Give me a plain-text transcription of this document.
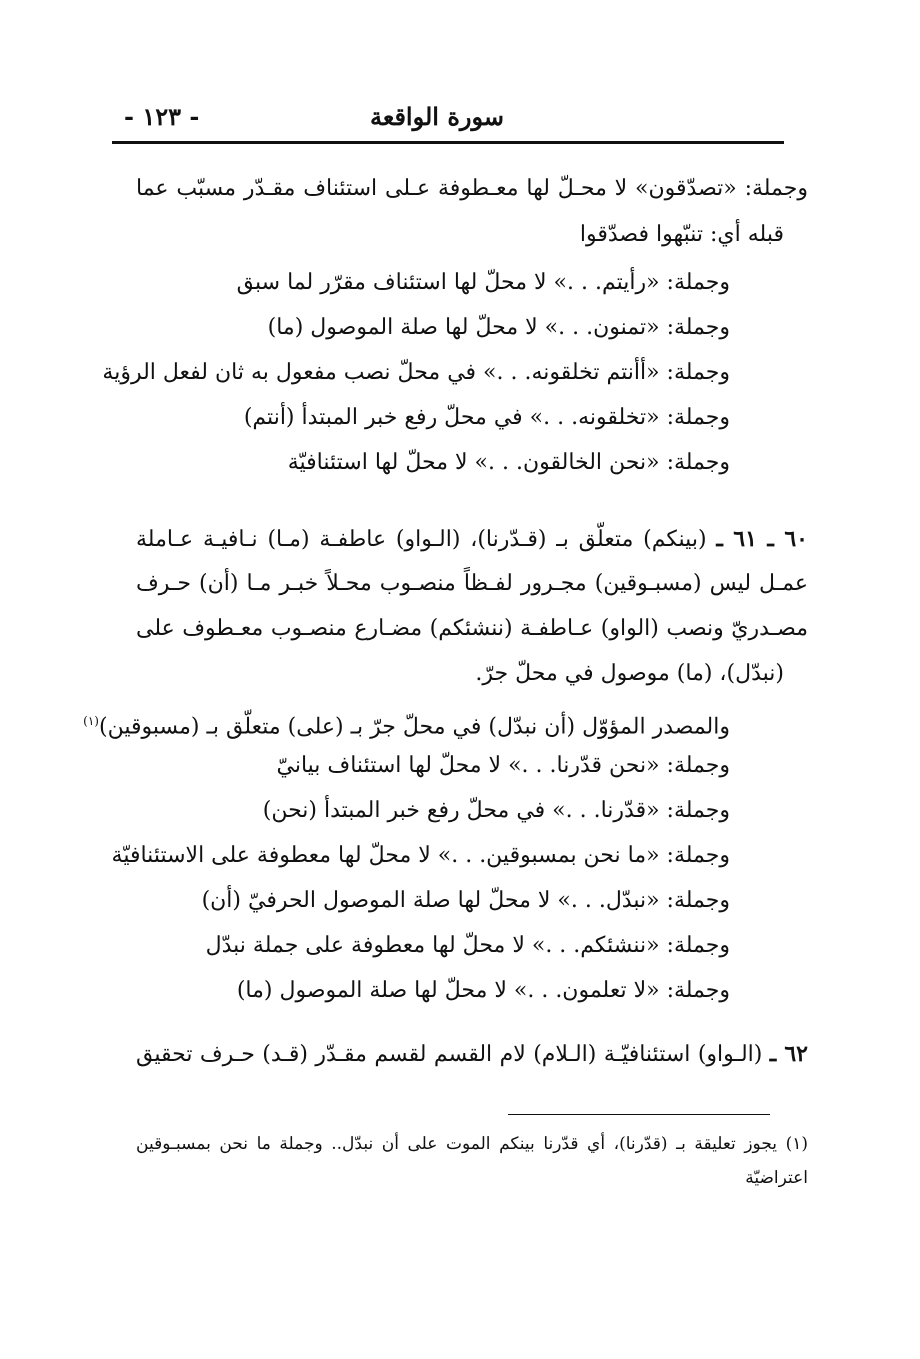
سورة الواقعة
- ١٢٣ -
وجملة: «تصدّقون» لا محـلّ لها معـطوفة عـلى استئناف مقـدّر مسبّب عما
قبله أي: تنبّهوا فصدّقوا
وجملة: «رأيتم. . .» لا محلّ لها استئناف مقرّر لما سبق
وجملة: «تمنون. . .» لا محلّ لها صلة الموصول (ما)
وجملة: «أأنتم تخلقونه. . .» في محلّ نصب مفعول به ثان لفعل الرؤية
وجملة: «تخلقونه. . .» في محلّ رفع خبر المبتدأ (أنتم)
وجملة: «نحن الخالقون. . .» لا محلّ لها استئنافيّة
٦٠ ـ ٦١ ـ (بينكم) متعلّق بـ (قـدّرنا)، (الـواو) عاطفـة (مـا) نـافيـة عـاملة
عمـل ليس (مسبـوقين) مجـرور لفـظاً منصـوب محـلاً خبـر مـا (أن) حـرف
مصـدريّ ونصب (الواو) عـاطفـة (ننشئكم) مضـارع منصـوب معـطوف على
(نبدّل)، (ما) موصول في محلّ جرّ.
والمصدر المؤوّل (أن نبدّل) في محلّ جرّ بـ (على) متعلّق بـ (مسبوقين)$^{(١)}$
وجملة: «نحن قدّرنا. . .» لا محلّ لها استئناف بيانيّ
وجملة: «قدّرنا. . .» في محلّ رفع خبر المبتدأ (نحن)
وجملة: «ما نحن بمسبوقين. . .» لا محلّ لها معطوفة على الاستئنافيّة
وجملة: «نبدّل. . .» لا محلّ لها صلة الموصول الحرفيّ (أن)
وجملة: «ننشئكم. . .» لا محلّ لها معطوفة على جملة نبدّل
وجملة: «لا تعلمون. . .» لا محلّ لها صلة الموصول (ما)
٦٢ ـ (الـواو) استئنافيّـة (الـلام) لام القسم لقسم مقـدّر (قـد) حـرف تحقيق
(١) يجوز تعليقة بـ (قدّرنا)، أي قدّرنا بينكم الموت على أن نبدّل.. وجملة ما نحن بمسبـوقين
اعتراضيّة
